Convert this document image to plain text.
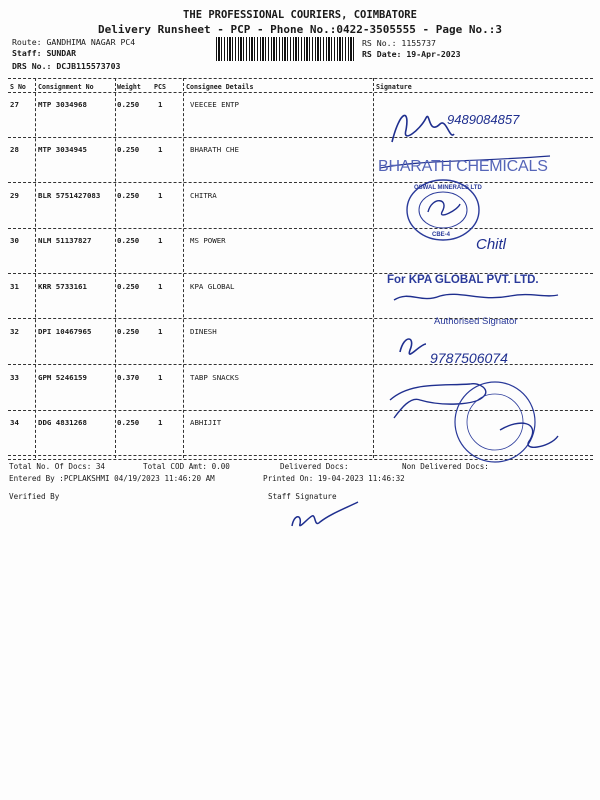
THE PROFESSIONAL COURIERS, COIMBATORE
Delivery Runsheet - PCP - Phone No.:0422-3505555 - Page No.:3
Route: GANDHIMA NAGAR PC4
Staff: SUNDAR
DRS No.: DCJB115573703
RS No.: 1155737
RS Date: 19-Apr-2023
S No Consignment No	Weight PCS	Consignee Details	Signature
27	MTP 3034968	0.250	1	VEECEE ENTP
28	MTP 3034945	0.250	1	BHARATH CHE
29	BLR 5751427083 0.250	1	CHITRA
30	NLM 51137827	0.250	1	MS POWER
31	KRR 5733161	0.250	1	KPA GLOBAL
32	DPI 10467965	0.250	1	DINESH
33	GPM 5246159	0.370	1	TABP SNACKS
34	DDG 4831268	0.250	1	ABHIJIT
9489084857
BHARATH CHEMICALS
OSWAL MINERALS LTD
CBE-4
Chitl
For KPA GLOBAL PVT. LTD.
Authorised Signator
9787506074
Total No. Of Docs: 34	Total COD Amt: 0.00	Delivered Docs:	Non Delivered Docs:
Entered By :PCPLAKSHMI 04/19/2023 11:46:20 AM	Printed On: 19-04-2023 11:46:32
Verified By	Staff Signature
